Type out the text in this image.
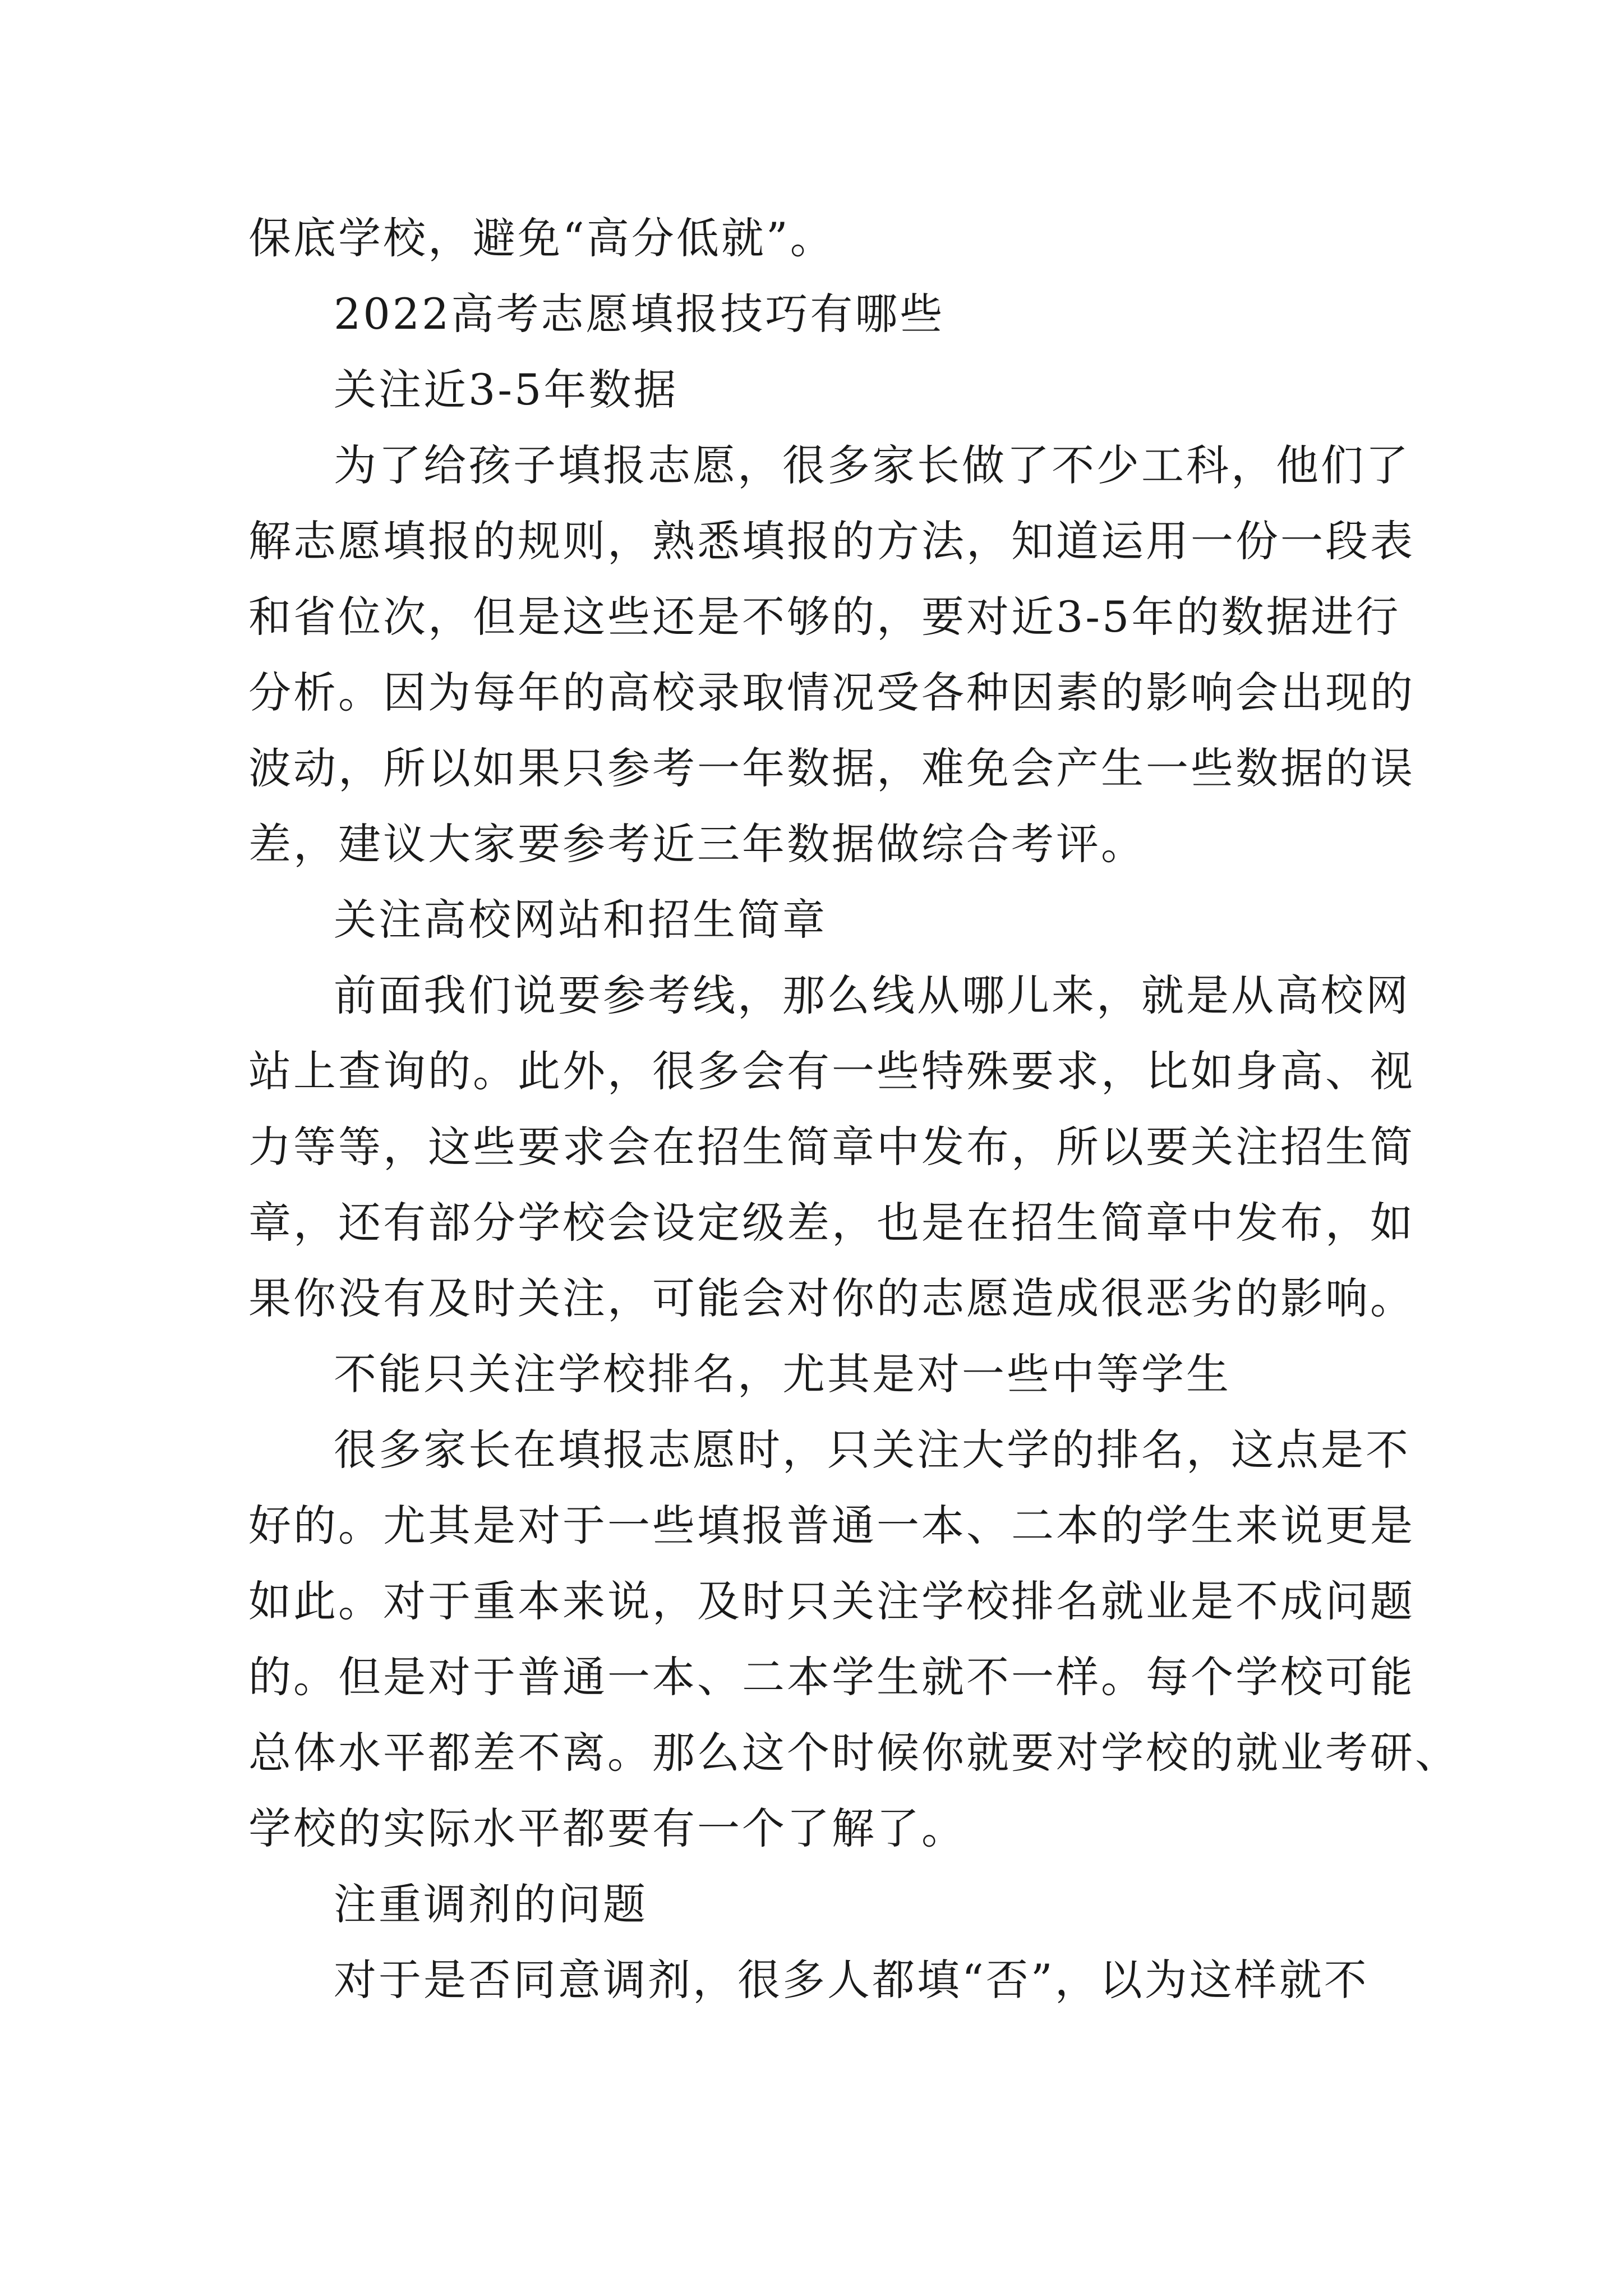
保底学校，避免“高分低就”。
2022高考志愿填报技巧有哪些
关注近3-5年数据
为了给孩子填报志愿，很多家长做了不少工科，他们了
解志愿填报的规则，熟悉填报的方法，知道运用一份一段表
和省位次，但是这些还是不够的，要对近3-5年的数据进行
分析。因为每年的高校录取情况受各种因素的影响会出现的
波动，所以如果只参考一年数据，难免会产生一些数据的误
差，建议大家要参考近三年数据做综合考评。
关注高校网站和招生简章
前面我们说要参考线，那么线从哪儿来，就是从高校网
站上查询的。此外，很多会有一些特殊要求，比如身高、视
力等等，这些要求会在招生简章中发布，所以要关注招生简
章，还有部分学校会设定级差，也是在招生简章中发布，如
果你没有及时关注，可能会对你的志愿造成很恶劣的影响。
不能只关注学校排名，尤其是对一些中等学生
很多家长在填报志愿时，只关注大学的排名，这点是不
好的。尤其是对于一些填报普通一本、二本的学生来说更是
如此。对于重本来说，及时只关注学校排名就业是不成问题
的。但是对于普通一本、二本学生就不一样。每个学校可能
总体水平都差不离。那么这个时候你就要对学校的就业考研、
学校的实际水平都要有一个了解了。
注重调剂的问题
对于是否同意调剂，很多人都填“否”，以为这样就不
